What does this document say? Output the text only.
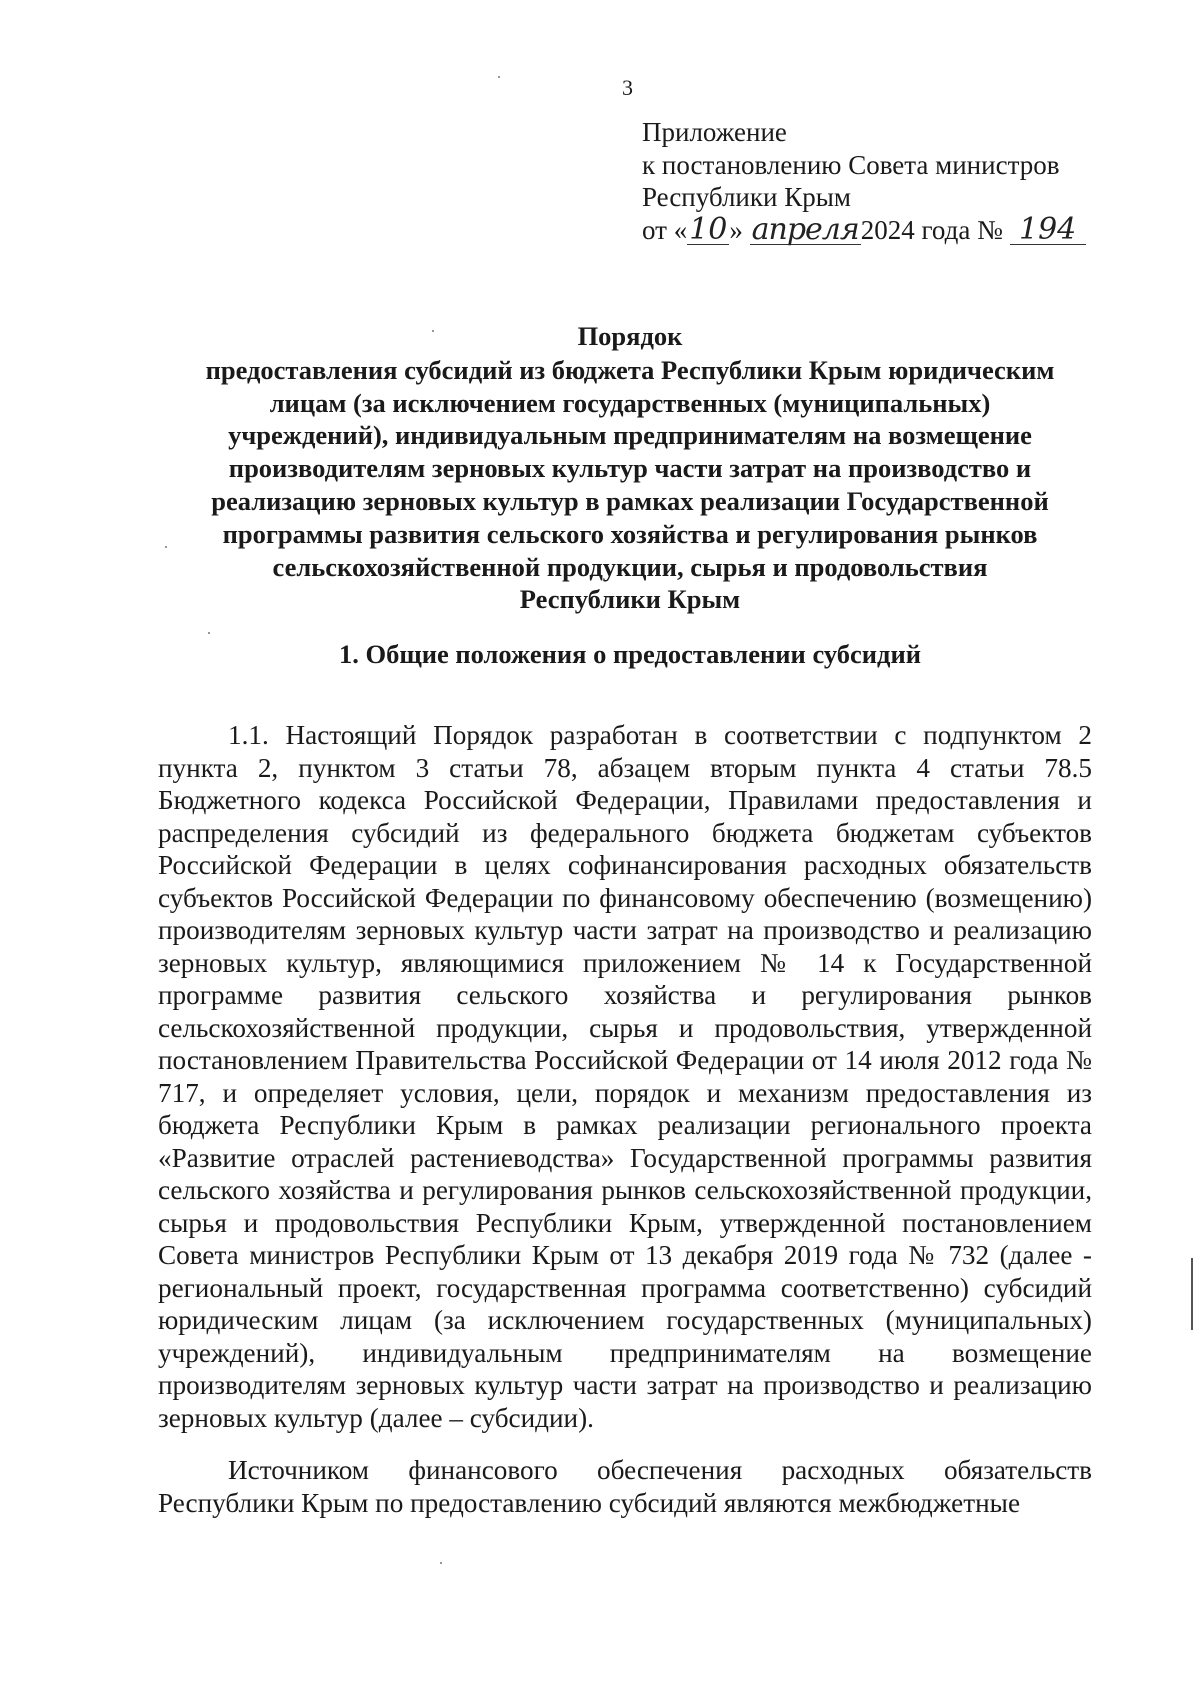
3
Приложение
к постановлению Совета министров
Республики Крым
от «10» апреля2024 года № 194
Порядок
предоставления субсидий из бюджета Республики Крым юридическим
лицам (за исключением государственных (муниципальных)
учреждений), индивидуальным предпринимателям на возмещение
производителям зерновых культур части затрат на производство и
реализацию зерновых культур в рамках реализации Государственной
программы развития сельского хозяйства и регулирования рынков
сельскохозяйственной продукции, сырья и продовольствия
Республики Крым
1. Общие положения о предоставлении субсидий

1.1. Настоящий Порядок разработан в соответствии с подпунктом 2 пункта 2, пунктом 3 статьи 78, абзацем вторым пункта 4 статьи 78.5 Бюджетного кодекса Российской Федерации, Правилами предоставления и распределения субсидий из федерального бюджета бюджетам субъектов Российской Федерации в целях софинансирования расходных обязательств субъектов Российской Федерации по финансовому обеспечению (возмещению) производителям зерновых культур части затрат на производство и реализацию зерновых культур, являющимися приложением № 14 к Государственной программе развития сельского хозяйства и регулирования рынков сельскохозяйственной продукции, сырья и продовольствия, утвержденной постановлением Правительства Российской Федерации от 14 июля 2012 года № 717, и определяет условия, цели, порядок и механизм предоставления из бюджета Республики Крым в рамках реализации регионального проекта «Развитие отраслей растениеводства» Государственной программы развития сельского хозяйства и регулирования рынков сельскохозяйственной продукции, сырья и продовольствия Республики Крым, утвержденной постановлением Совета министров Республики Крым от 13 декабря 2019 года № 732 (далее - региональный проект, государственная программа соответственно) субсидий юридическим лицам (за исключением государственных (муниципальных) учреждений), индивидуальным предпринимателям на возмещение производителям зерновых культур части затрат на производство и реализацию зерновых культур (далее – субсидии).

Источником финансового обеспечения расходных обязательств Республики Крым по предоставлению субсидий являются межбюджетные
